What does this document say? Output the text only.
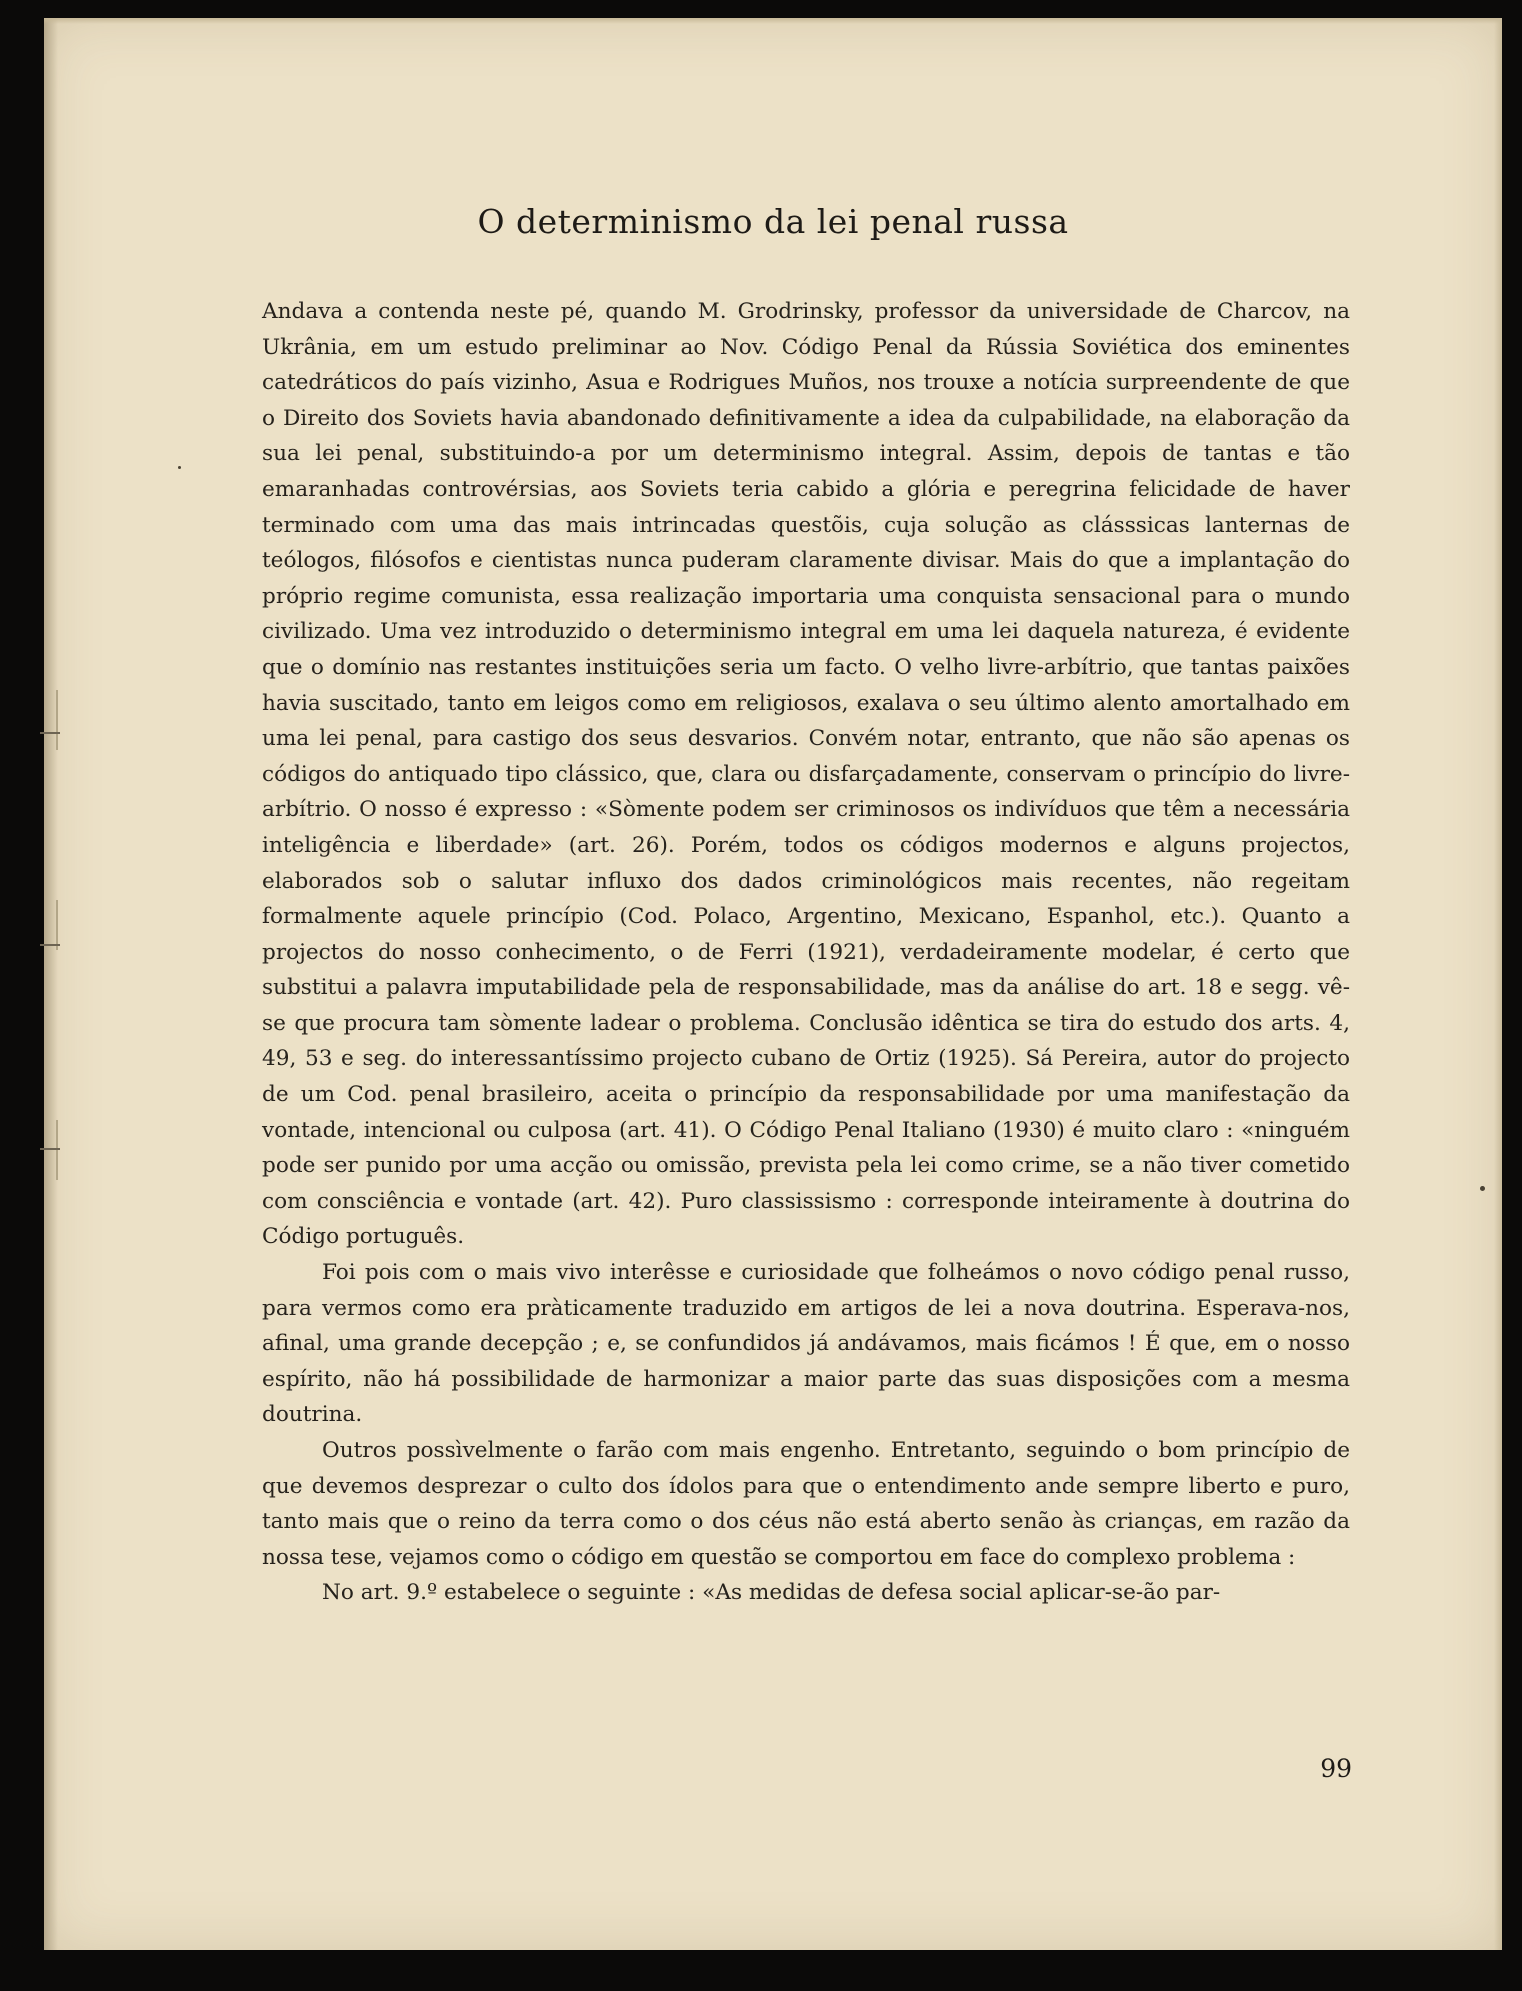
O determinismo da lei penal russa

Andava a contenda neste pé, quando M. Grodrinsky, professor da universidade de Charcov, na Ukrânia, em um estudo preliminar ao Nov. Código Penal da Rússia Soviética dos eminentes catedráticos do país vizinho, Asua e Rodrigues Muños, nos trouxe a notícia surpreendente de que o Direito dos Soviets havia abandonado definitivamente a idea da culpabilidade, na elaboração da sua lei penal, substituindo-a por um determinismo integral. Assim, depois de tantas e tão emaranhadas controvérsias, aos Soviets teria cabido a glória e peregrina felicidade de haver terminado com uma das mais intrincadas questõis, cuja solução as clásssicas lanternas de teólogos, filósofos e cientistas nunca puderam claramente divisar. Mais do que a implantação do próprio regime comunista, essa realização importaria uma conquista sensacional para o mundo civilizado. Uma vez introduzido o determinismo integral em uma lei daquela natureza, é evidente que o domínio nas restantes instituições seria um facto. O velho livre-arbítrio, que tantas paixões havia suscitado, tanto em leigos como em religiosos, exalava o seu último alento amortalhado em uma lei penal, para castigo dos seus desvarios. Convém notar, entranto, que não são apenas os códigos do antiquado tipo clássico, que, clara ou disfarçadamente, conservam o princípio do livre-arbítrio. O nosso é expresso : «Sòmente podem ser criminosos os indivíduos que têm a necessária inteligência e liberdade» (art. 26). Porém, todos os códigos modernos e alguns projectos, elaborados sob o salutar influxo dos dados criminológicos mais recentes, não regeitam formalmente aquele princípio (Cod. Polaco, Argentino, Mexicano, Espanhol, etc.). Quanto a projectos do nosso conhecimento, o de Ferri (1921), verdadeiramente modelar, é certo que substitui a palavra imputabilidade pela de responsabilidade, mas da análise do art. 18 e segg. vê-se que procura tam sòmente ladear o problema. Conclusão idêntica se tira do estudo dos arts. 4, 49, 53 e seg. do interessantíssimo projecto cubano de Ortiz (1925). Sá Pereira, autor do projecto de um Cod. penal brasileiro, aceita o princípio da responsabilidade por uma manifestação da vontade, intencional ou culposa (art. 41). O Código Penal Italiano (1930) é muito claro : «ninguém pode ser punido por uma acção ou omissão, prevista pela lei como crime, se a não tiver cometido com consciência e vontade (art. 42). Puro classissismo : corresponde inteiramente à doutrina do Código português.

Foi pois com o mais vivo interêsse e curiosidade que folheámos o novo código penal russo, para vermos como era pràticamente traduzido em artigos de lei a nova doutrina. Esperava-nos, afinal, uma grande decepção ; e, se confundidos já andávamos, mais ficámos ! É que, em o nosso espírito, não há possibilidade de harmonizar a maior parte das suas disposições com a mesma doutrina.

Outros possìvelmente o farão com mais engenho. Entretanto, seguindo o bom princípio de que devemos desprezar o culto dos ídolos para que o entendimento ande sempre liberto e puro, tanto mais que o reino da terra como o dos céus não está aberto senão às crianças, em razão da nossa tese, vejamos como o código em questão se comportou em face do complexo problema :

No art. 9.º estabelece o seguinte : «As medidas de defesa social aplicar-se-ão par-

99
